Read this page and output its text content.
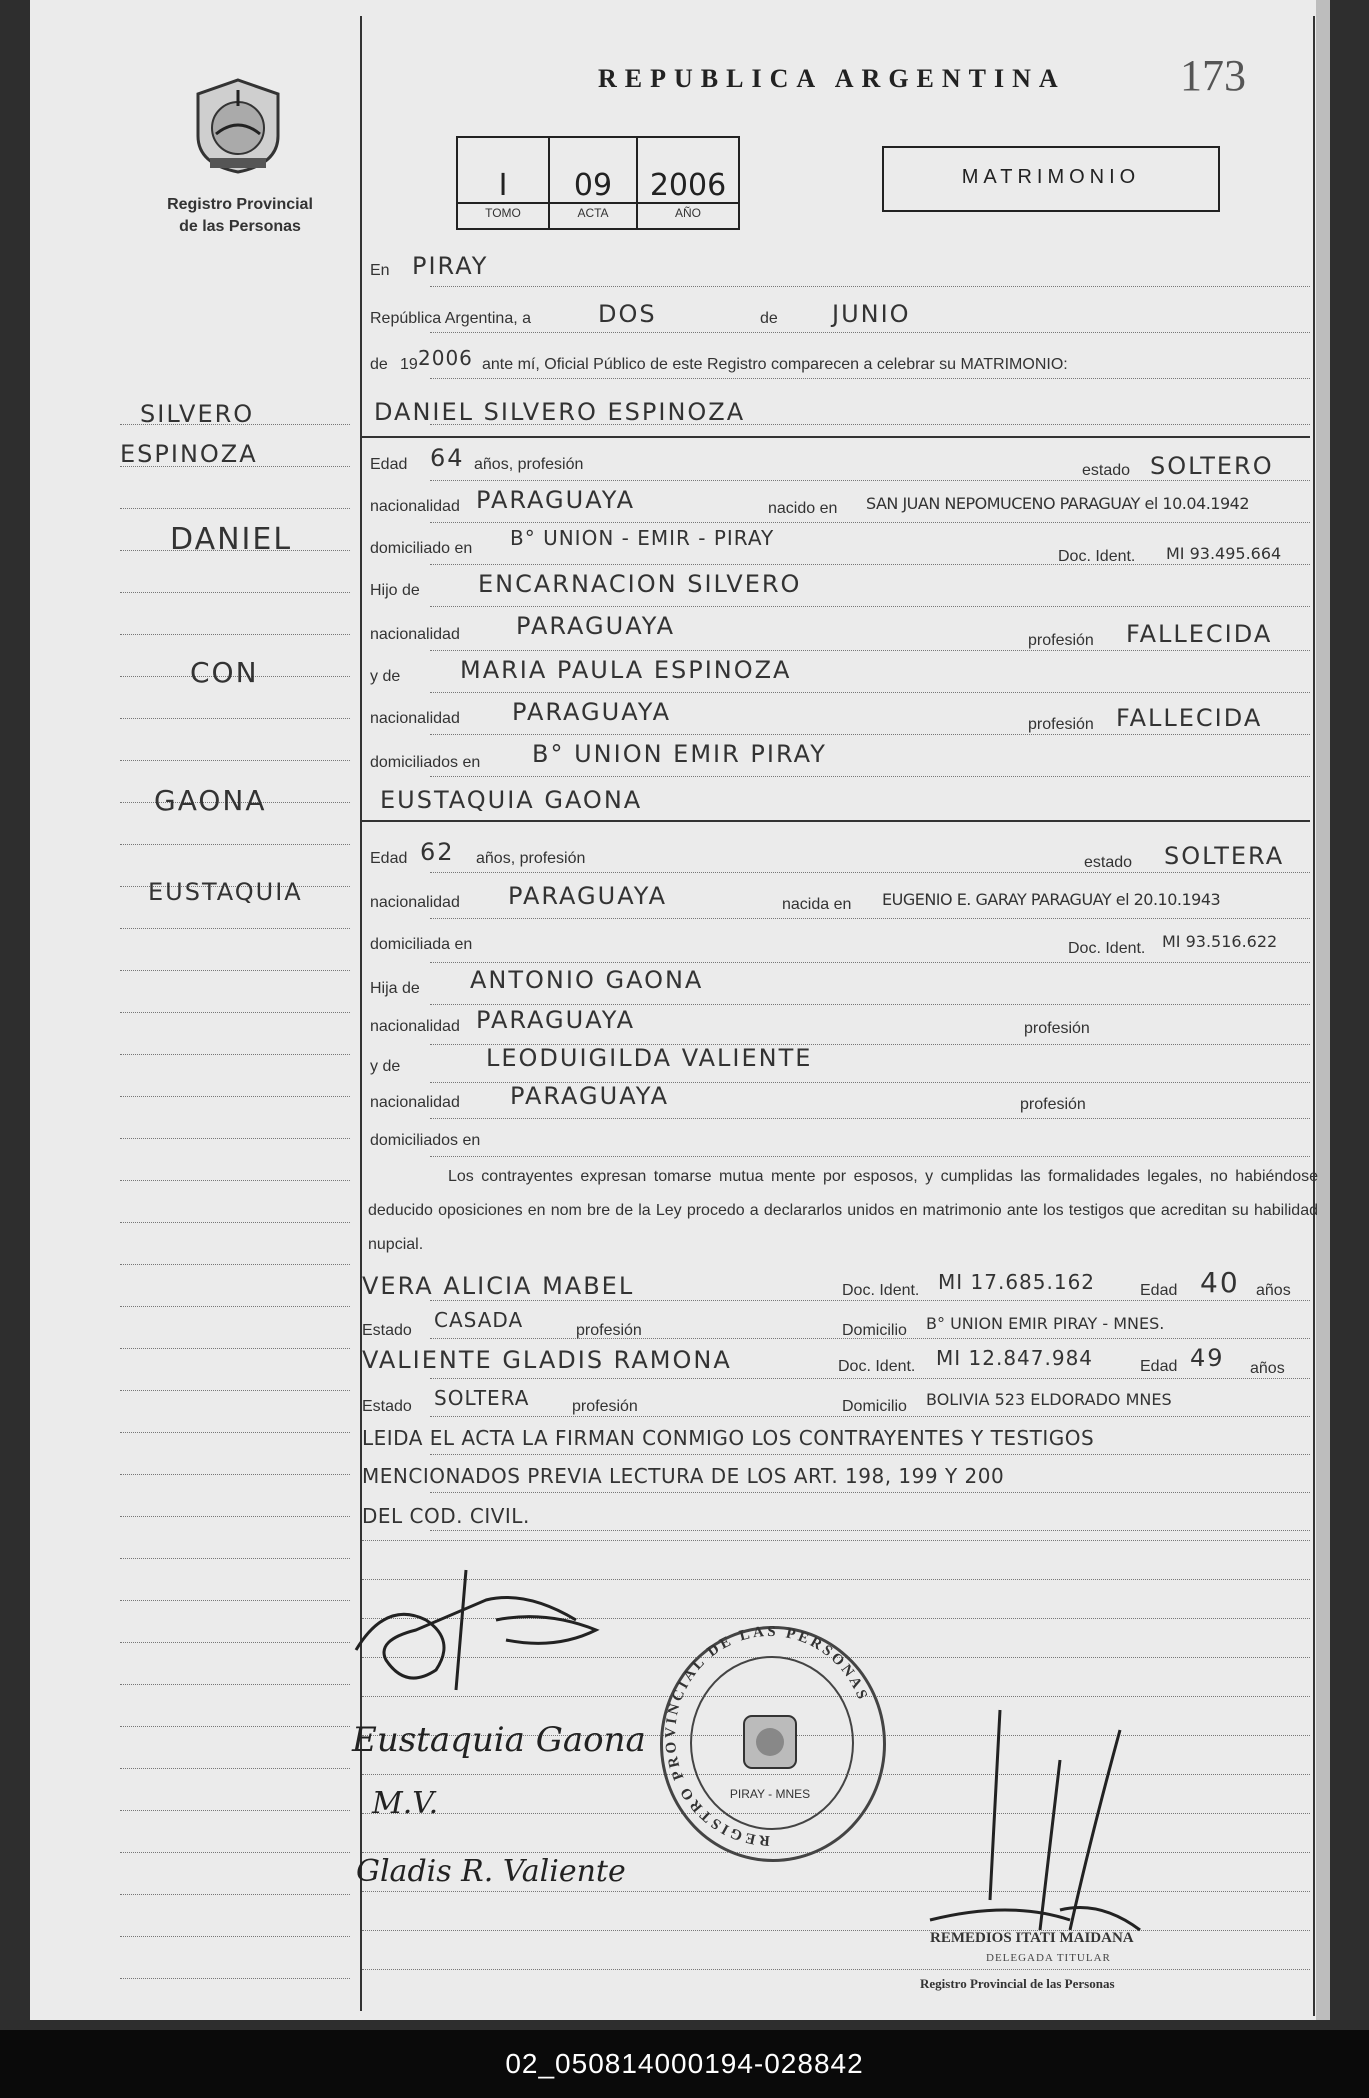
Registro Provincial
de las Personas
REPUBLICA ARGENTINA	173
I	09	2006
TOMO	ACTA	AÑO
MATRIMONIO
SILVERO
ESPINOZA
DANIEL
CON
GAONA
EUSTAQUIA
En PIRAY
República Argentina, a	DOS	de JUNIO
de 19 2006 ante mí, Oficial Público de este Registro comparecen a celebrar su MATRIMONIO:
DANIEL SILVERO ESPINOZA
Edad 64 años, profesión	estado SOLTERO
nacionalidad PARAGUAYA	nacido en SAN JUAN NEPOMUCENO PARAGUAY el 10.04.1942
domiciliado en B° UNION - EMIR - PIRAY
Doc. Ident. MI 93.495.664
Hijo de ENCARNACION SILVERO
nacionalidad PARAGUAYA
profesión FALLECIDA
y de MARIA PAULA ESPINOZA
nacionalidad PARAGUAYA	profesión FALLECIDA
domiciliados en B° UNION EMIR PIRAY
EUSTAQUIA GAONA
Edad 62 años, profesión	estado SOLTERA
nacionalidad PARAGUAYA	nacida en EUGENIO E. GARAY PARAGUAY el 20.10.1943
domiciliada en	Doc. Ident. MI 93.516.622
Hija de ANTONIO GAONA
nacionalidad PARAGUAYA	profesión
y de	LEODUIGILDA VALIENTE
nacionalidad PARAGUAYA	profesión
domiciliados en
Los contrayentes expresan tomarse mutua mente por esposos, y cumplidas las formalidades legales, no habiéndose deducido oposiciones en nom bre de la Ley procedo a declararlos unidos en matrimonio ante los testigos que acreditan su habilidad nupcial.
VERA ALICIA MABEL	Doc. Ident. MI 17.685.162	Edad 40 años
Estado CASADA	profesión	Domicilio B° UNION EMIR PIRAY - MNES.
VALIENTE GLADIS RAMONA	Doc. Ident. MI 12.847.984	Edad 49 años
Estado SOLTERA	profesión	Domicilio BOLIVIA 523 ELDORADO MNES
LEIDA EL ACTA LA FIRMAN CONMIGO LOS CONTRAYENTES Y TESTIGOS
MENCIONADOS PREVIA LECTURA DE LOS ART. 198, 199 Y 200
DEL COD. CIVIL.
Eustaquia Gaona
M.V.
Gladis R. Valiente
REGISTRO PROVINCIAL DE LAS PERSONAS
PIRAY - MNES
REMEDIOS ITATI MAIDANA
DELEGADA TITULAR
Registro Provincial de las Personas
02_050814000194-028842
